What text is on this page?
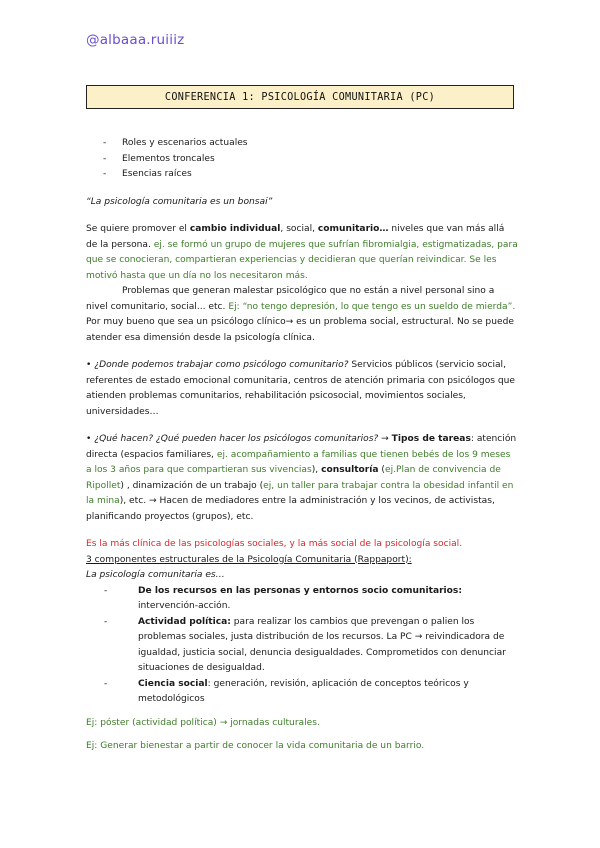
@albaaa.ruiiiz
CONFERENCIA 1: PSICOLOGÍA COMUNITARIA (PC)
- Roles y escenarios actuales
- Elementos troncales
- Esencias raíces

“La psicología comunitaria es un bonsai”

Se quiere promover el cambio individual, social, comunitario… niveles que van más allá de la persona. ej. se formó un grupo de mujeres que sufrían fibromialgia, estigmatizadas, para que se conocieran, compartieran experiencias y decidieran que querían reivindicar. Se les motivó hasta que un día no los necesitaron más.

Problemas que generan malestar psicológico que no están a nivel personal sino a nivel comunitario, social... etc. Ej: “no tengo depresión, lo que tengo es un sueldo de mierda”. Por muy bueno que sea un psicólogo clínico→ es un problema social, estructural. No se puede atender esa dimensión desde la psicología clínica.

• ¿Donde podemos trabajar como psicólogo comunitario? Servicios públicos (servicio social, referentes de estado emocional comunitaria, centros de atención primaria con psicólogos que atienden problemas comunitarios, rehabilitación psicosocial, movimientos sociales, universidades…

• ¿Qué hacen? ¿Qué pueden hacer los psicólogos comunitarios? → Tipos de tareas: atención directa (espacios familiares, ej. acompañamiento a familias que tienen bebés de los 9 meses a los 3 años para que compartieran sus vivencias), consultoría (ej.Plan de convivencia de Ripollet) , dinamización de un trabajo (ej, un taller para trabajar contra la obesidad infantil en la mina), etc. → Hacen de mediadores entre la administración y los vecinos, de activistas, planificando proyectos (grupos), etc.

Es la más clínica de las psicologías sociales, y la más social de la psicología social.

3 componentes estructurales de la Psicología Comunitaria (Rappaport):

La psicología comunitaria es…

- De los recursos en las personas y entornos socio comunitarios: intervención-acción.
- Actividad política: para realizar los cambios que prevengan o palien los problemas sociales, justa distribución de los recursos. La PC → reivindicadora de igualdad, justicia social, denuncia desigualdades. Comprometidos con denunciar situaciones de desigualdad.
- Ciencia social: generación, revisión, aplicación de conceptos teóricos y metodológicos

Ej: póster (actividad política) → jornadas culturales.

Ej: Generar bienestar a partir de conocer la vida comunitaria de un barrio.
